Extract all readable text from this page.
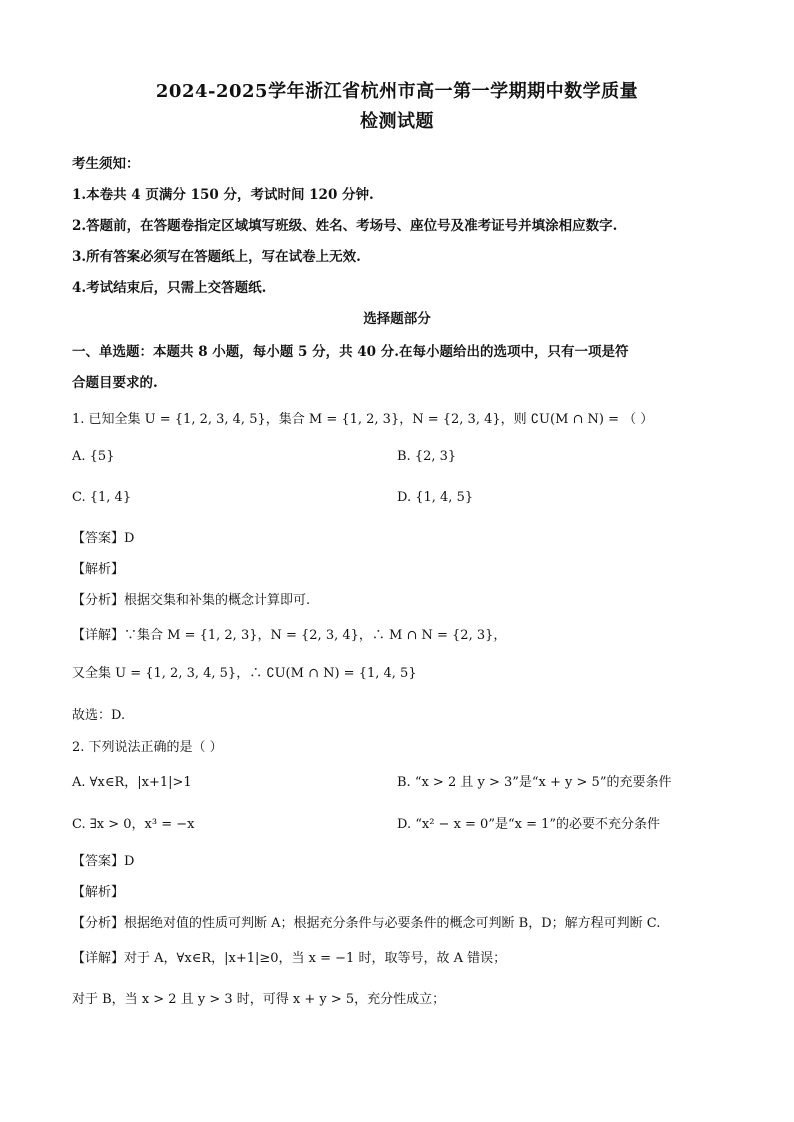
2024-2025学年浙江省杭州市高一第一学期期中数学质量
检测试题
考生须知：
1.本卷共 4 页满分 150 分，考试时间 120 分钟.
2.答题前，在答题卷指定区域填写班级、姓名、考场号、座位号及准考证号并填涂相应数字.
3.所有答案必须写在答题纸上，写在试卷上无效.
4.考试结束后，只需上交答题纸.
选择题部分
一、单选题：本题共 8 小题，每小题 5 分，共 40 分.在每小题给出的选项中，只有一项是符
合题目要求的.
1. 已知全集 U = {1, 2, 3, 4, 5}，集合 M = {1, 2, 3}，N = {2, 3, 4}，则 ∁U(M ∩ N) = （ ）
A. {5}	B. {2, 3}
C. {1, 4}	D. {1, 4, 5}
【答案】D
【解析】
【分析】根据交集和补集的概念计算即可.
【详解】∵集合 M = {1, 2, 3}，N = {2, 3, 4}，∴ M ∩ N = {2, 3}，
又全集 U = {1, 2, 3, 4, 5}，∴ ∁U(M ∩ N) = {1, 4, 5}
故选：D.
2. 下列说法正确的是（ ）
A. ∀x∈R，|x+1|>1	B. “x > 2 且 y > 3”是“x + y > 5”的充要条件
C. ∃x > 0，x³ = −x	D. “x² − x = 0”是“x = 1”的必要不充分条件
【答案】D
【解析】
【分析】根据绝对值的性质可判断 A；根据充分条件与必要条件的概念可判断 B，D；解方程可判断 C.
【详解】对于 A，∀x∈R，|x+1|≥0，当 x = −1 时，取等号，故 A 错误；
对于 B，当 x > 2 且 y > 3 时，可得 x + y > 5，充分性成立；
